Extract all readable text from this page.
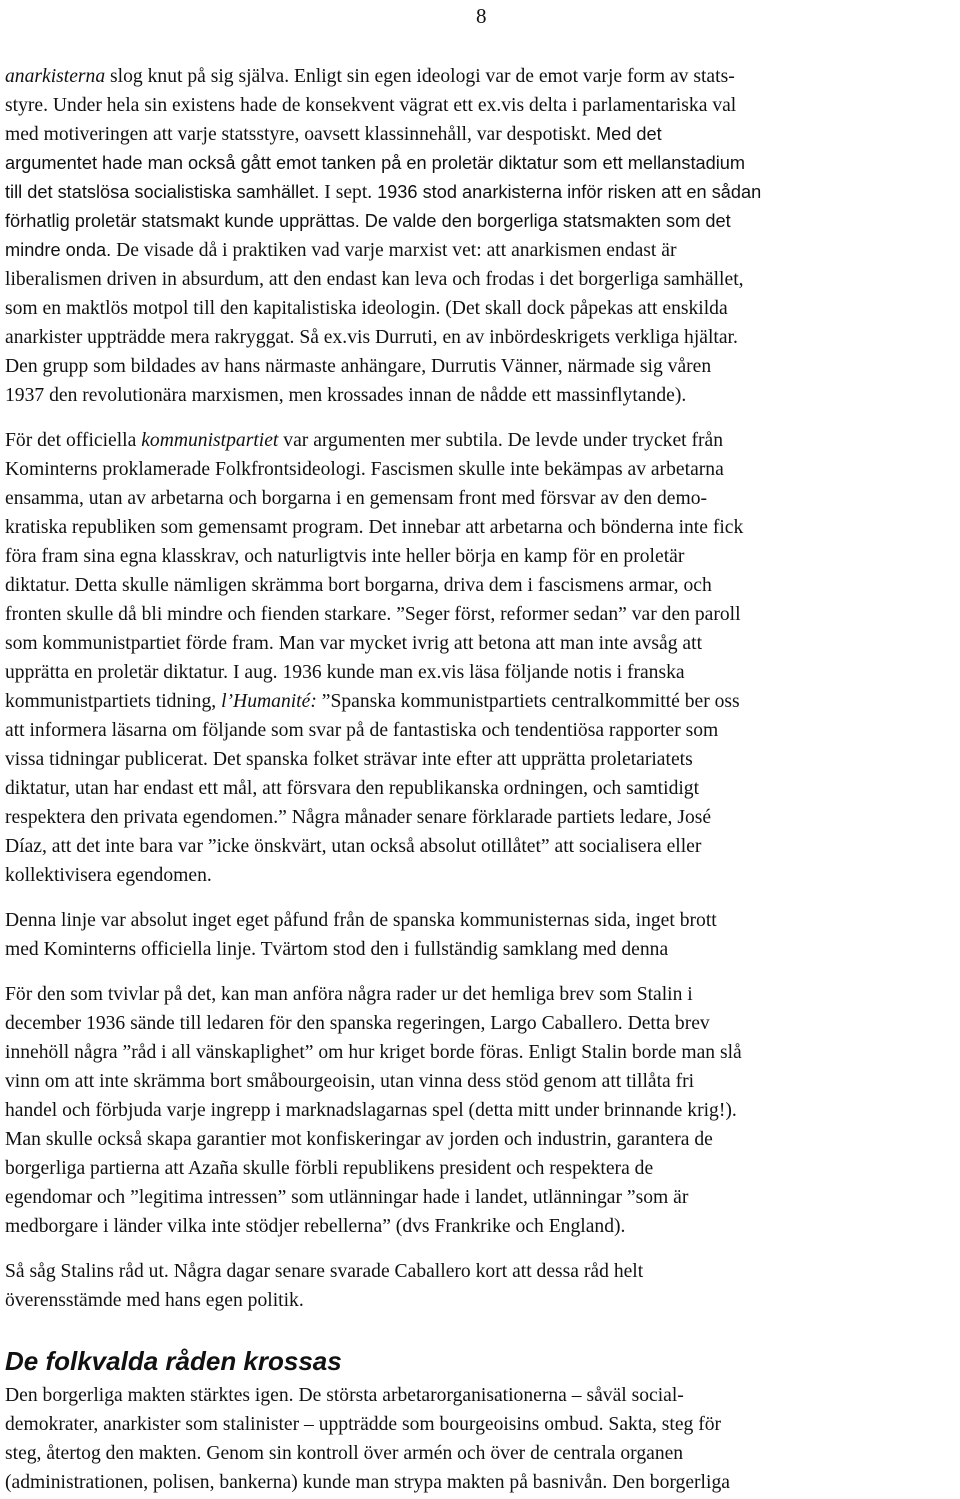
8
anarkisterna slog knut på sig själva. Enligt sin egen ideologi var de emot varje form av stats-
styre. Under hela sin existens hade de konsekvent vägrat ett ex.vis delta i parlamentariska val
med motiveringen att varje statsstyre, oavsett klassinnehåll, var despotiskt. Med det
argumentet hade man också gått emot tanken på en proletär diktatur som ett mellanstadium
till det statslösa socialistiska samhället. I sept. 1936 stod anarkisterna inför risken att en sådan
förhatlig proletär statsmakt kunde upprättas. De valde den borgerliga statsmakten som det
mindre onda. De visade då i praktiken vad varje marxist vet: att anarkismen endast är
liberalismen driven in absurdum, att den endast kan leva och frodas i det borgerliga samhället,
som en maktlös motpol till den kapitalistiska ideologin. (Det skall dock påpekas att enskilda
anarkister uppträdde mera rakryggat. Så ex.vis Durruti, en av inbördeskrigets verkliga hjältar.
Den grupp som bildades av hans närmaste anhängare, Durrutis Vänner, närmade sig våren
1937 den revolutionära marxismen, men krossades innan de nådde ett massinflytande).
För det officiella kommunistpartiet var argumenten mer subtila. De levde under trycket från
Kominterns proklamerade Folkfrontsideologi. Fascismen skulle inte bekämpas av arbetarna
ensamma, utan av arbetarna och borgarna i en gemensam front med försvar av den demo-
kratiska republiken som gemensamt program. Det innebar att arbetarna och bönderna inte fick
föra fram sina egna klasskrav, och naturligtvis inte heller börja en kamp för en proletär
diktatur. Detta skulle nämligen skrämma bort borgarna, driva dem i fascismens armar, och
fronten skulle då bli mindre och fienden starkare. ”Seger först, reformer sedan” var den paroll
som kommunistpartiet förde fram. Man var mycket ivrig att betona att man inte avsåg att
upprätta en proletär diktatur. I aug. 1936 kunde man ex.vis läsa följande notis i franska
kommunistpartiets tidning, l’Humanité: ”Spanska kommunistpartiets centralkommitté ber oss
att informera läsarna om följande som svar på de fantastiska och tendentiösa rapporter som
vissa tidningar publicerat. Det spanska folket strävar inte efter att upprätta proletariatets
diktatur, utan har endast ett mål, att försvara den republikanska ordningen, och samtidigt
respektera den privata egendomen.” Några månader senare förklarade partiets ledare, José
Díaz, att det inte bara var ”icke önskvärt, utan också absolut otillåtet” att socialisera eller
kollektivisera egendomen.
Denna linje var absolut inget eget påfund från de spanska kommunisternas sida, inget brott
med Kominterns officiella linje. Tvärtom stod den i fullständig samklang med denna
För den som tvivlar på det, kan man anföra några rader ur det hemliga brev som Stalin i
december 1936 sände till ledaren för den spanska regeringen, Largo Caballero. Detta brev
innehöll några ”råd i all vänskaplighet” om hur kriget borde föras. Enligt Stalin borde man slå
vinn om att inte skrämma bort småbourgeoisin, utan vinna dess stöd genom att tillåta fri
handel och förbjuda varje ingrepp i marknadslagarnas spel (detta mitt under brinnande krig!).
Man skulle också skapa garantier mot konfiskeringar av jorden och industrin, garantera de
borgerliga partierna att Azaña skulle förbli republikens president och respektera de
egendomar och ”legitima intressen” som utlänningar hade i landet, utlänningar ”som är
medborgare i länder vilka inte stödjer rebellerna” (dvs Frankrike och England).
Så såg Stalins råd ut. Några dagar senare svarade Caballero kort att dessa råd helt
överensstämde med hans egen politik.
De folkvalda råden krossas
Den borgerliga makten stärktes igen. De största arbetarorganisationerna – såväl social-
demokrater, anarkister som stalinister – uppträdde som bourgeoisins ombud. Sakta, steg för
steg, återtog den makten. Genom sin kontroll över armén och över de centrala organen
(administrationen, polisen, bankerna) kunde man strypa makten på basnivån. Den borgerliga
